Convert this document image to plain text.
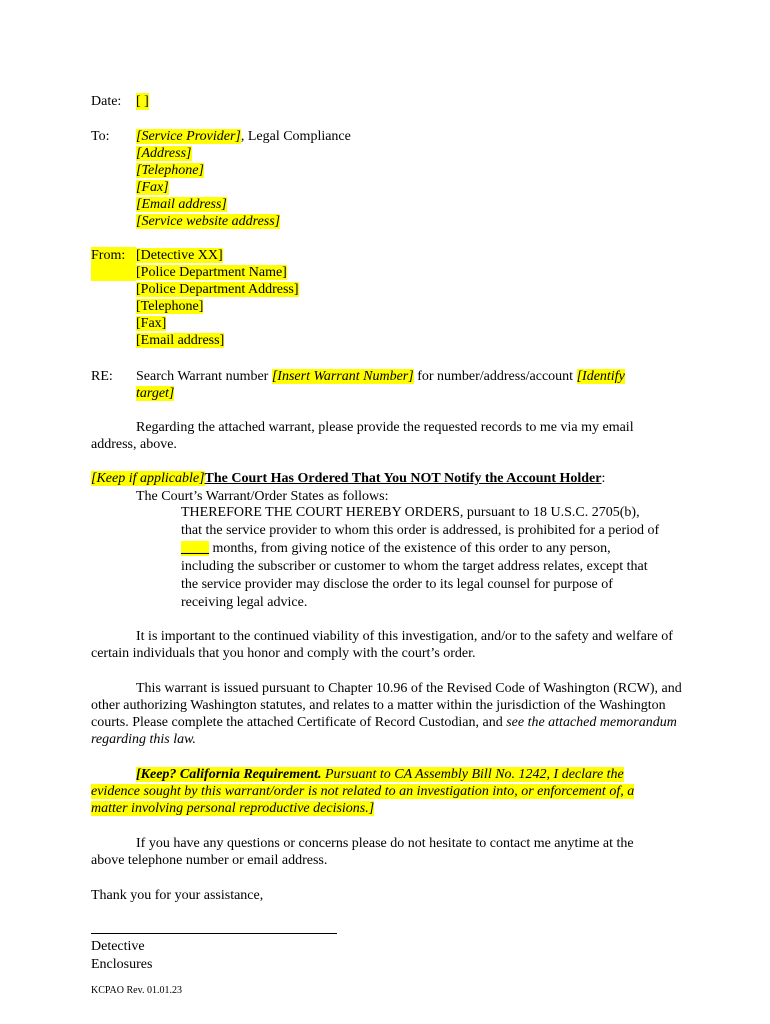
Date: [ ]
To: [Service Provider], Legal Compliance
[Address]
[Telephone]
[Fax]
[Email address]
[Service website address]
From: [Detective XX]
[Police Department Name]
[Police Department Address]
[Telephone]
[Fax]
[Email address]
RE: Search Warrant number [Insert Warrant Number] for number/address/account [Identify target]
Regarding the attached warrant, please provide the requested records to me via my email address, above.
[Keep if applicable]The Court Has Ordered That You NOT Notify the Account Holder:
The Court’s Warrant/Order States as follows:
THEREFORE THE COURT HEREBY ORDERS, pursuant to 18 U.S.C. 2705(b), that the service provider to whom this order is addressed, is prohibited for a period of ____ months, from giving notice of the existence of this order to any person, including the subscriber or customer to whom the target address relates, except that the service provider may disclose the order to its legal counsel for purpose of receiving legal advice.
It is important to the continued viability of this investigation, and/or to the safety and welfare of certain individuals that you honor and comply with the court’s order.
This warrant is issued pursuant to Chapter 10.96 of the Revised Code of Washington (RCW), and other authorizing Washington statutes, and relates to a matter within the jurisdiction of the Washington courts. Please complete the attached Certificate of Record Custodian, and see the attached memorandum regarding this law.
[Keep? California Requirement. Pursuant to CA Assembly Bill No. 1242, I declare the evidence sought by this warrant/order is not related to an investigation into, or enforcement of, a matter involving personal reproductive decisions.]
If you have any questions or concerns please do not hesitate to contact me anytime at the above telephone number or email address.
Thank you for your assistance,
Detective
Enclosures
KCPAO Rev. 01.01.23
